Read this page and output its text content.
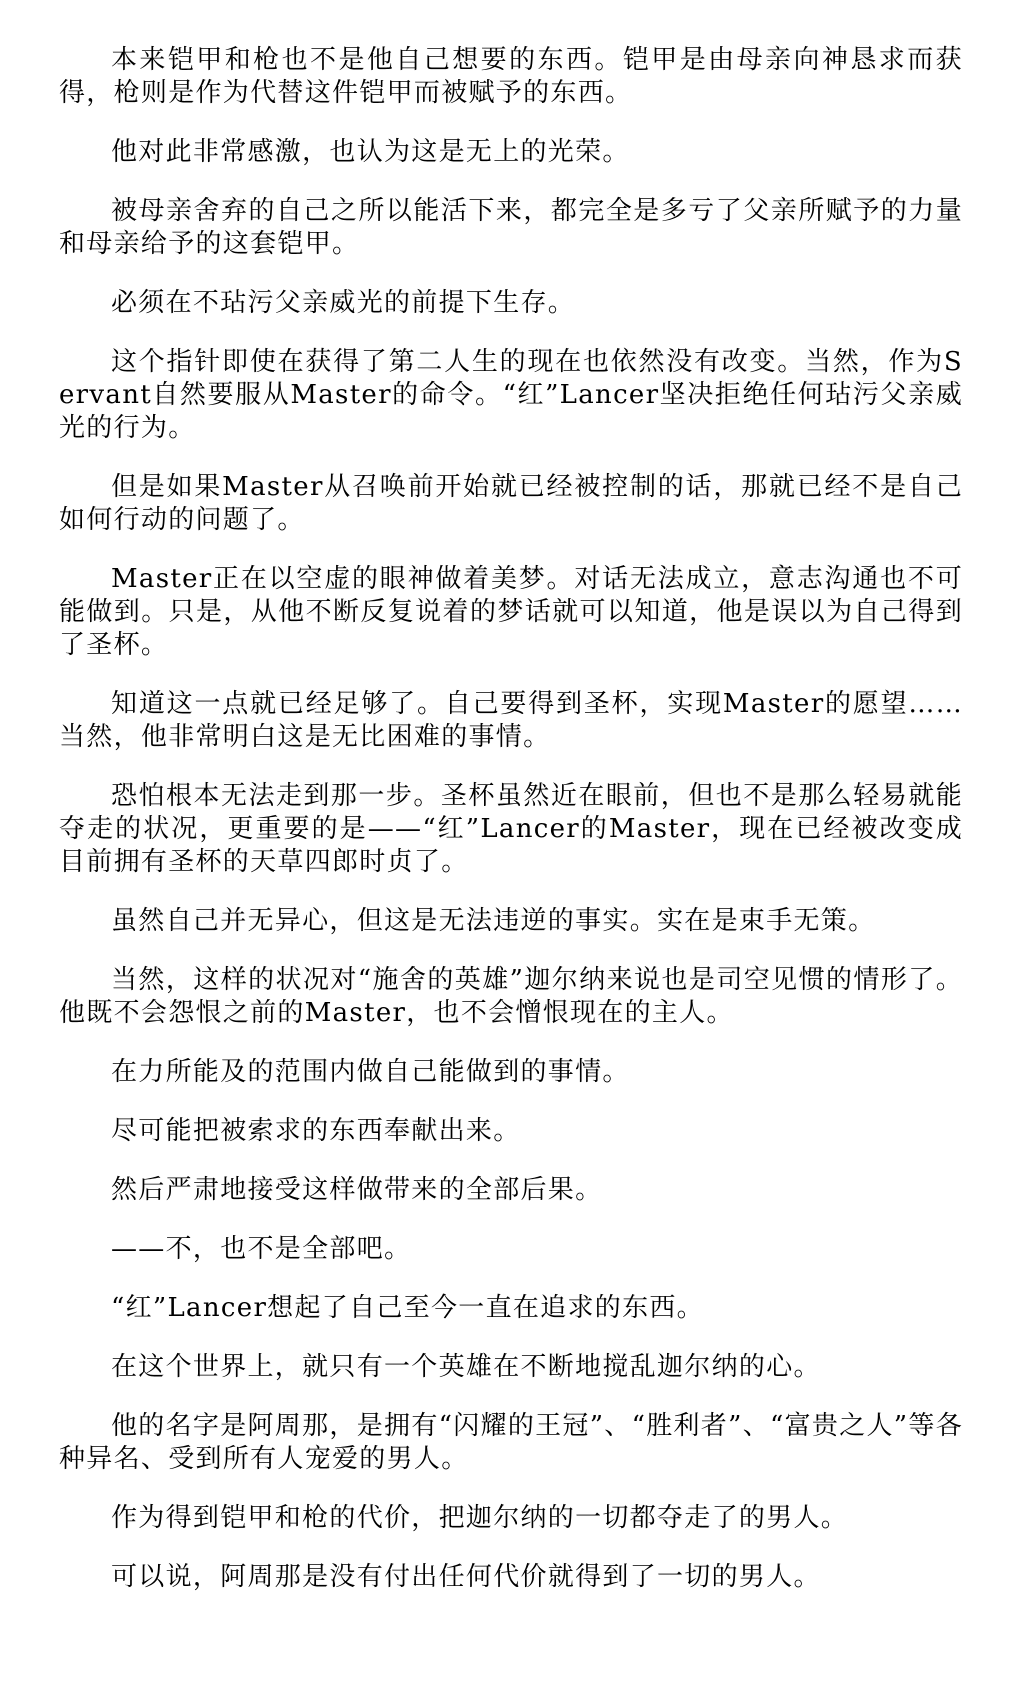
本来铠甲和枪也不是他自己想要的东西。铠甲是由母亲向神恳求而获得，枪则是作为代替这件铠甲而被赋予的东西。

他对此非常感激，也认为这是无上的光荣。

被母亲舍弃的自己之所以能活下来，都完全是多亏了父亲所赋予的力量和母亲给予的这套铠甲。

必须在不玷污父亲威光的前提下生存。

这个指针即使在获得了第二人生的现在也依然没有改变。当然，作为Servant自然要服从Master的命令。“红”Lancer坚决拒绝任何玷污父亲威光的行为。

但是如果Master从召唤前开始就已经被控制的话，那就已经不是自己如何行动的问题了。

Master正在以空虚的眼神做着美梦。对话无法成立，意志沟通也不可能做到。只是，从他不断反复说着的梦话就可以知道，他是误以为自己得到了圣杯。

知道这一点就已经足够了。自己要得到圣杯，实现Master的愿望……当然，他非常明白这是无比困难的事情。

恐怕根本无法走到那一步。圣杯虽然近在眼前，但也不是那么轻易就能夺走的状况，更重要的是——“红”Lancer的Master，现在已经被改变成目前拥有圣杯的天草四郎时贞了。

虽然自己并无异心，但这是无法违逆的事实。实在是束手无策。

当然，这样的状况对“施舍的英雄”迦尔纳来说也是司空见惯的情形了。他既不会怨恨之前的Master，也不会憎恨现在的主人。

在力所能及的范围内做自己能做到的事情。

尽可能把被索求的东西奉献出来。

然后严肃地接受这样做带来的全部后果。

——不，也不是全部吧。

“红”Lancer想起了自己至今一直在追求的东西。

在这个世界上，就只有一个英雄在不断地搅乱迦尔纳的心。

他的名字是阿周那，是拥有“闪耀的王冠”、“胜利者”、“富贵之人”等各种异名、受到所有人宠爱的男人。

作为得到铠甲和枪的代价，把迦尔纳的一切都夺走了的男人。

可以说，阿周那是没有付出任何代价就得到了一切的男人。
